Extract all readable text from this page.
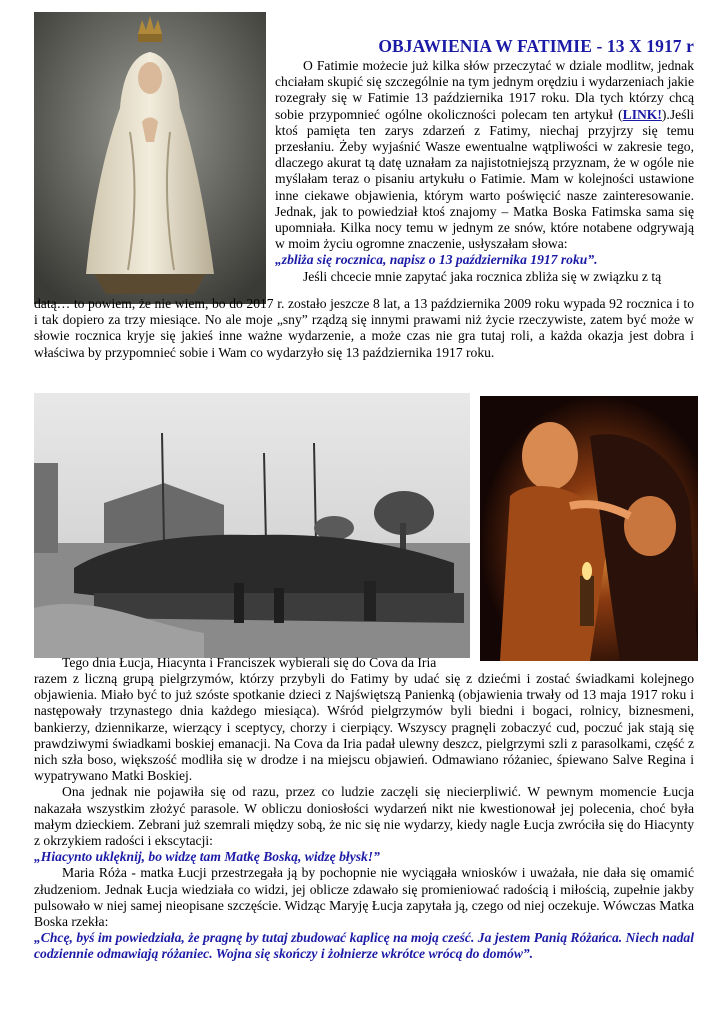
OBJAWIENIA W FATIMIE - 13 X 1917 r

O Fatimie możecie już kilka słów przeczytać w dziale modlitw, jednak chciałam skupić się szczególnie na tym jednym orędziu i wydarzeniach jakie rozegrały się w Fatimie 13 października 1917 roku. Dla tych którzy chcą sobie przypomnieć ogólne okoliczności polecam ten artykuł (LINK!).Jeśli ktoś pamięta ten zarys zdarzeń z Fatimy, niechaj przyjrzy się temu przesłaniu. Żeby wyjaśnić Wasze ewentualne wątpliwości w zakresie tego, dlaczego akurat tą datę uznałam za najistotniejszą przyznam, że w ogóle nie myślałam teraz o pisaniu artykułu o Fatimie. Mam w kolejności ustawione inne ciekawe objawienia, którym warto poświęcić nasze zainteresowanie. Jednak, jak to powiedział ktoś znajomy – Matka Boska Fatimska sama się upomniała. Kilka nocy temu w jednym ze snów, które notabene odgrywają w moim życiu ogromne znaczenie, usłyszałam słowa:

„zbliża się rocznica, napisz o 13 października 1917 roku”.

Jeśli chcecie mnie zapytać jaka rocznica zbliża się w związku z tą

datą… to powiem, że nie wiem, bo do 2017 r. zostało jeszcze 8 lat, a 13 października 2009 roku wypada 92 rocznica i to i tak dopiero za trzy miesiące. No ale moje „sny” rządzą się innymi prawami niż życie rzeczywiste, zatem być może w słowie rocznica kryje się jakieś inne ważne wydarzenie, a może czas nie gra tutaj roli, a każda okazja jest dobra i właściwa by przypomnieć sobie i Wam co wydarzyło się 13 października 1917 roku.

Tego dnia Łucja, Hiacynta i Franciszek wybierali się do Cova da Iria

razem z liczną grupą pielgrzymów, którzy przybyli do Fatimy by udać się z dziećmi i zostać świadkami kolejnego objawienia. Miało być to już szóste spotkanie dzieci z Najświętszą Panienką (objawienia trwały od 13 maja 1917 roku i następowały trzynastego dnia każdego miesiąca). Wśród pielgrzymów byli biedni i bogaci, rolnicy, biznesmeni, bankierzy, dziennikarze, wierzący i sceptycy, chorzy i cierpiący. Wszyscy pragnęli zobaczyć cud, poczuć jak stają się prawdziwymi świadkami boskiej emanacji. Na Cova da Iria padał ulewny deszcz, pielgrzymi szli z parasolkami, część z nich szła boso, większość modliła się w drodze i na miejscu objawień. Odmawiano różaniec, śpiewano Salve Regina i wypatrywano Matki Boskiej.

Ona jednak nie pojawiła się od razu, przez co ludzie zaczęli się niecierpliwić. W pewnym momencie Łucja nakazała wszystkim złożyć parasole. W obliczu doniosłości wydarzeń nikt nie kwestionował jej polecenia, choć była małym dzieckiem. Zebrani już szemrali między sobą, że nic się nie wydarzy, kiedy nagle Łucja zwróciła się do Hiacynty z okrzykiem radości i ekscytacji:

„Hiacynto uklęknij, bo widzę tam Matkę Boską, widzę błysk!”

Maria Róża - matka Łucji przestrzegała ją by pochopnie nie wyciągała wniosków i uważała, nie dała się omamić złudzeniom. Jednak Łucja wiedziała co widzi, jej oblicze zdawało się promieniować radością i miłością, zupełnie jakby pulsowało w niej samej nieopisane szczęście. Widząc Maryję Łucja zapytała ją, czego od niej oczekuje. Wówczas Matka Boska rzekła:

„Chcę, byś im powiedziała, że pragnę by tutaj zbudować kaplicę na moją cześć. Ja jestem Panią Różańca. Niech nadal codziennie odmawiają różaniec. Wojna się skończy i żołnierze wkrótce wrócą do domów”.
